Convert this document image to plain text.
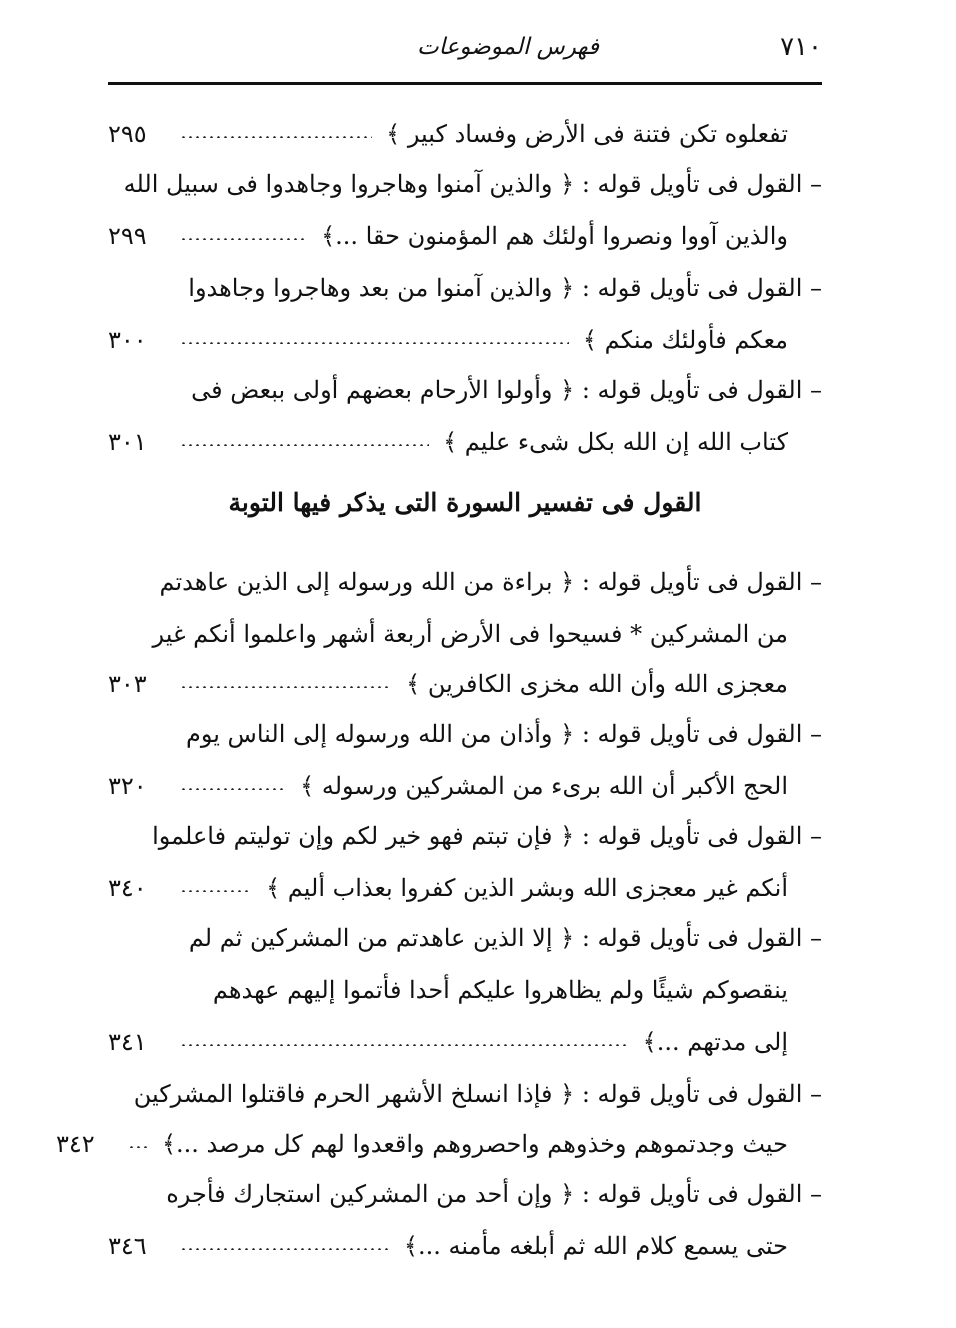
٧١٠
فهرس الموضوعات
تفعلوه تكن فتنة فى الأرض وفساد كبير ﴾
٢٩٥
– القول فى تأويل قوله : ﴿ والذين آمنوا وهاجروا وجاهدوا فى سبيل الله
والذين آووا ونصروا أولئك هم المؤمنون حقا ...﴾
٢٩٩
– القول فى تأويل قوله : ﴿ والذين آمنوا من بعد وهاجروا وجاهدوا
معكم فأولئك منكم ﴾
٣٠٠
– القول فى تأويل قوله : ﴿ وأولوا الأرحام بعضهم أولى ببعض فى
كتاب الله إن الله بكل شىء عليم ﴾
٣٠١
القول فى تفسير السورة التى يذكر فيها التوبة
– القول فى تأويل قوله : ﴿ براءة من الله ورسوله إلى الذين عاهدتم
من المشركين * فسيحوا فى الأرض أربعة أشهر واعلموا أنكم غير
معجزى الله وأن الله مخزى الكافرين ﴾
٣٠٣
– القول فى تأويل قوله : ﴿ وأذان من الله ورسوله إلى الناس يوم
الحج الأكبر أن الله برىء من المشركين ورسوله ﴾
٣٢٠
– القول فى تأويل قوله : ﴿ فإن تبتم فهو خير لكم وإن توليتم فاعلموا
أنكم غير معجزى الله وبشر الذين كفروا بعذاب أليم ﴾
٣٤٠
– القول فى تأويل قوله : ﴿ إلا الذين عاهدتم من المشركين ثم لم
ينقصوكم شيئًا ولم يظاهروا عليكم أحدا فأتموا إليهم عهدهم
إلى مدتهم ...﴾
٣٤١
– القول فى تأويل قوله : ﴿ فإذا انسلخ الأشهر الحرم فاقتلوا المشركين
حيث وجدتموهم وخذوهم واحصروهم واقعدوا لهم كل مرصد ...﴾
٣٤٢
– القول فى تأويل قوله : ﴿ وإن أحد من المشركين استجارك فأجره
حتى يسمع كلام الله ثم أبلغه مأمنه ...﴾
٣٤٦
